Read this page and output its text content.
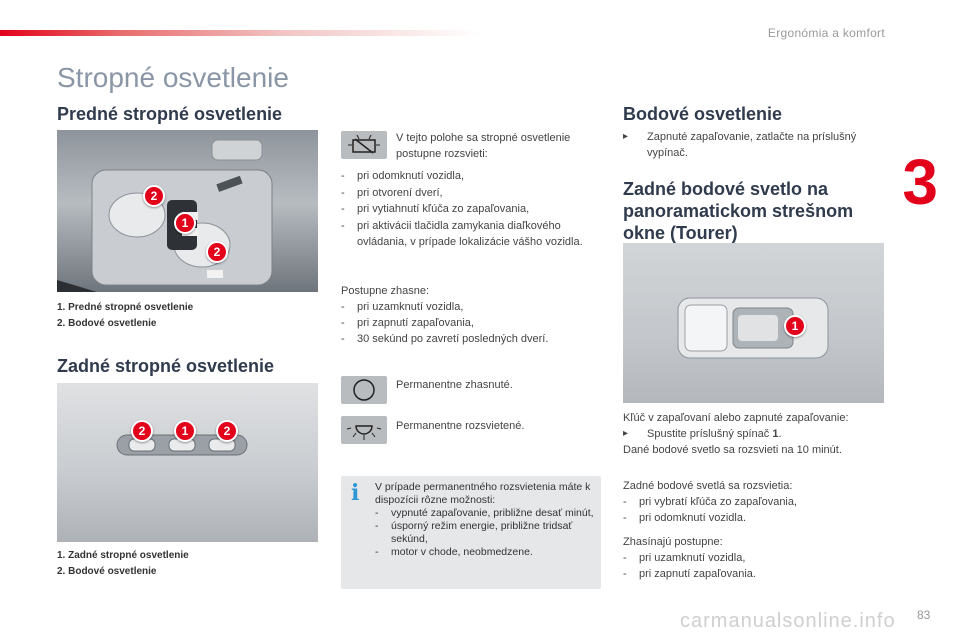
Ergonómia a komfort
3
Stropné osvetlenie
Predné stropné osvetlenie
2
1
2
1. Predné stropné osvetlenie
2. Bodové osvetlenie
Zadné stropné osvetlenie
2	1	2
1. Zadné stropné osvetlenie
2. Bodové osvetlenie
V tejto polohe sa stropné osvetlenie postupne rozsvieti:
- pri odomknutí vozidla,
- pri otvorení dverí,
- pri vytiahnutí kľúča zo zapaľovania,
- pri aktivácii tlačidla zamykania diaľkového ovládania, v prípade lokalizácie vášho vozidla.
Postupne zhasne:
- pri uzamknutí vozidla,
- pri zapnutí zapaľovania,
- 30 sekúnd po zavretí posledných dverí.
Permanentne zhasnuté.
Permanentne rozsvietené.
i V prípade permanentného rozsvietenia máte k dispozícii rôzne možnosti:
- vypnuté zapaľovanie, približne desať minút,
- úsporný režim energie, približne tridsať sekúnd,
- motor v chode, neobmedzene.
Bodové osvetlenie
▸ Zapnuté zapaľovanie, zatlačte na príslušný vypínač.
Zadné bodové svetlo na panoramatickom strešnom okne (Tourer)
1
Kľúč v zapaľovaní alebo zapnuté zapaľovanie:
▸ Spustite príslušný spínač 1.
Dané bodové svetlo sa rozsvieti na 10 minút.
Zadné bodové svetlá sa rozsvietia:
- pri vybratí kľúča zo zapaľovania,
- pri odomknutí vozidla.
Zhasínajú postupne:
- pri uzamknutí vozidla,
- pri zapnutí zapaľovania.
carmanualsonline.info 83
